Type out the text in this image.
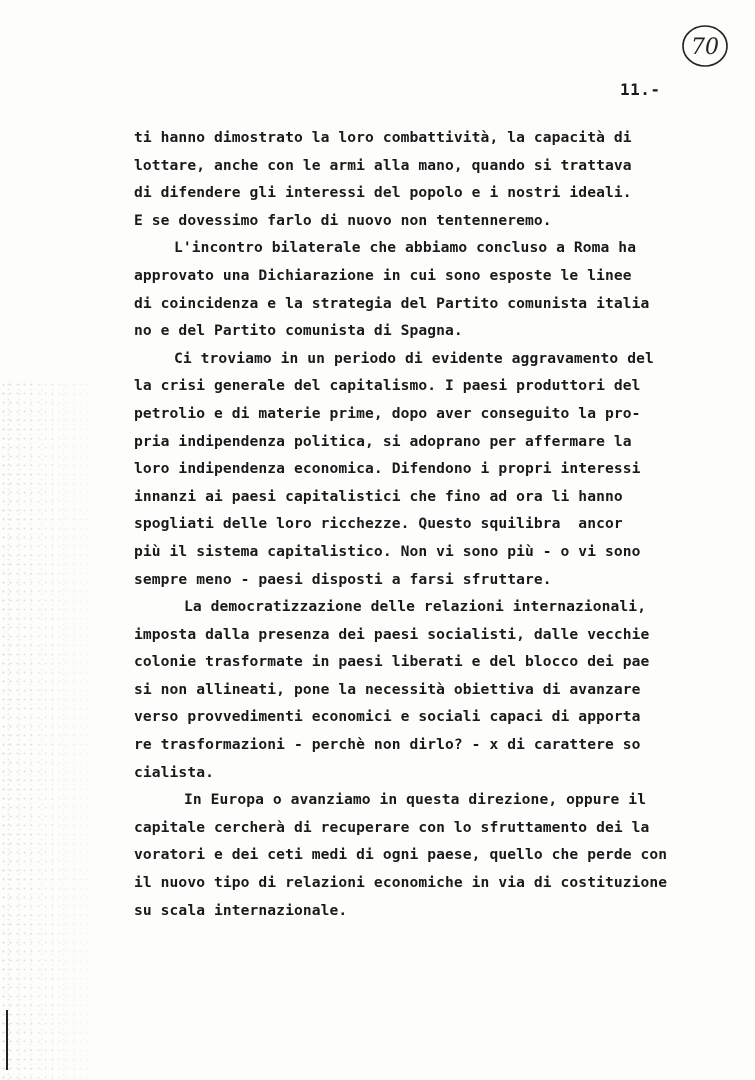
70
11.-
ti hanno dimostrato la loro combattività, la capacità di
lottare, anche con le armi alla mano, quando si trattava
di difendere gli interessi del popolo e i nostri ideali.
E se dovessimo farlo di nuovo non tentenneremo.
L'incontro bilaterale che abbiamo concluso a Roma ha
approvato una Dichiarazione in cui sono esposte le linee
di coincidenza e la strategia del Partito comunista italia
no e del Partito comunista di Spagna.
Ci troviamo in un periodo di evidente aggravamento del
la crisi generale del capitalismo. I paesi produttori del
petrolio e di materie prime, dopo aver conseguito la pro-
pria indipendenza politica, si adoprano per affermare la
loro indipendenza economica. Difendono i propri interessi
innanzi ai paesi capitalistici che fino ad ora li hanno
spogliati delle loro ricchezze. Questo squilibra  ancor
più il sistema capitalistico. Non vi sono più - o vi sono
sempre meno - paesi disposti a farsi sfruttare.
La democratizzazione delle relazioni internazionali,
imposta dalla presenza dei paesi socialisti, dalle vecchie
colonie trasformate in paesi liberati e del blocco dei pae
si non allineati, pone la necessità obiettiva di avanzare
verso provvedimenti economici e sociali capaci di apporta
re trasformazioni - perchè non dirlo? - x di carattere so
cialista.
In Europa o avanziamo in questa direzione, oppure il
capitale cercherà di recuperare con lo sfruttamento dei la
voratori e dei ceti medi di ogni paese, quello che perde con
il nuovo tipo di relazioni economiche in via di costituzione
su scala internazionale.
